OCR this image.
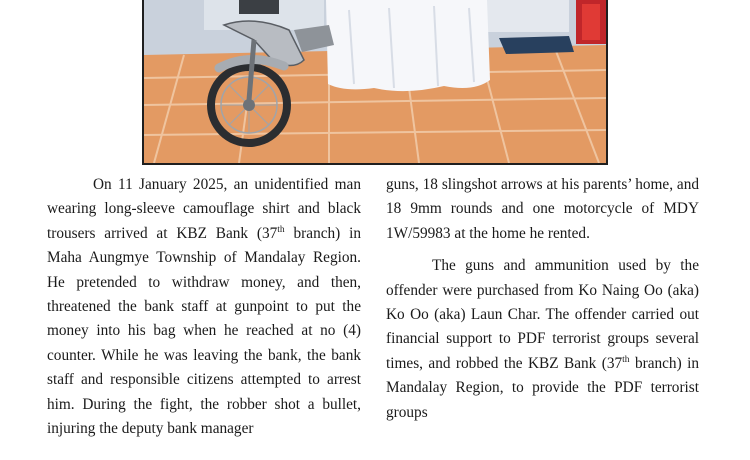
On 11 January 2025, an unidentified man wearing long-sleeve camouflage shirt and black trousers arrived at KBZ Bank (37th branch) in Maha Aungmye Township of Mandalay Region. He pretended to withdraw money, and then, threatened the bank staff at gunpoint to put the money into his bag when he reached at no (4) counter. While he was leaving the bank, the bank staff and responsible citizens attempted to arrest him. During the fight, the robber shot a bullet, injuring the deputy bank manager

guns, 18 slingshot arrows at his parents’ home, and 18 9mm rounds and one motorcycle of MDY 1W/59983 at the home he rented.

The guns and ammunition used by the offender were purchased from Ko Naing Oo (aka) Ko Oo (aka) Laun Char. The offender carried out financial support to PDF terrorist groups several times, and robbed the KBZ Bank (37th branch) in Mandalay Region, to provide the PDF terrorist groups
